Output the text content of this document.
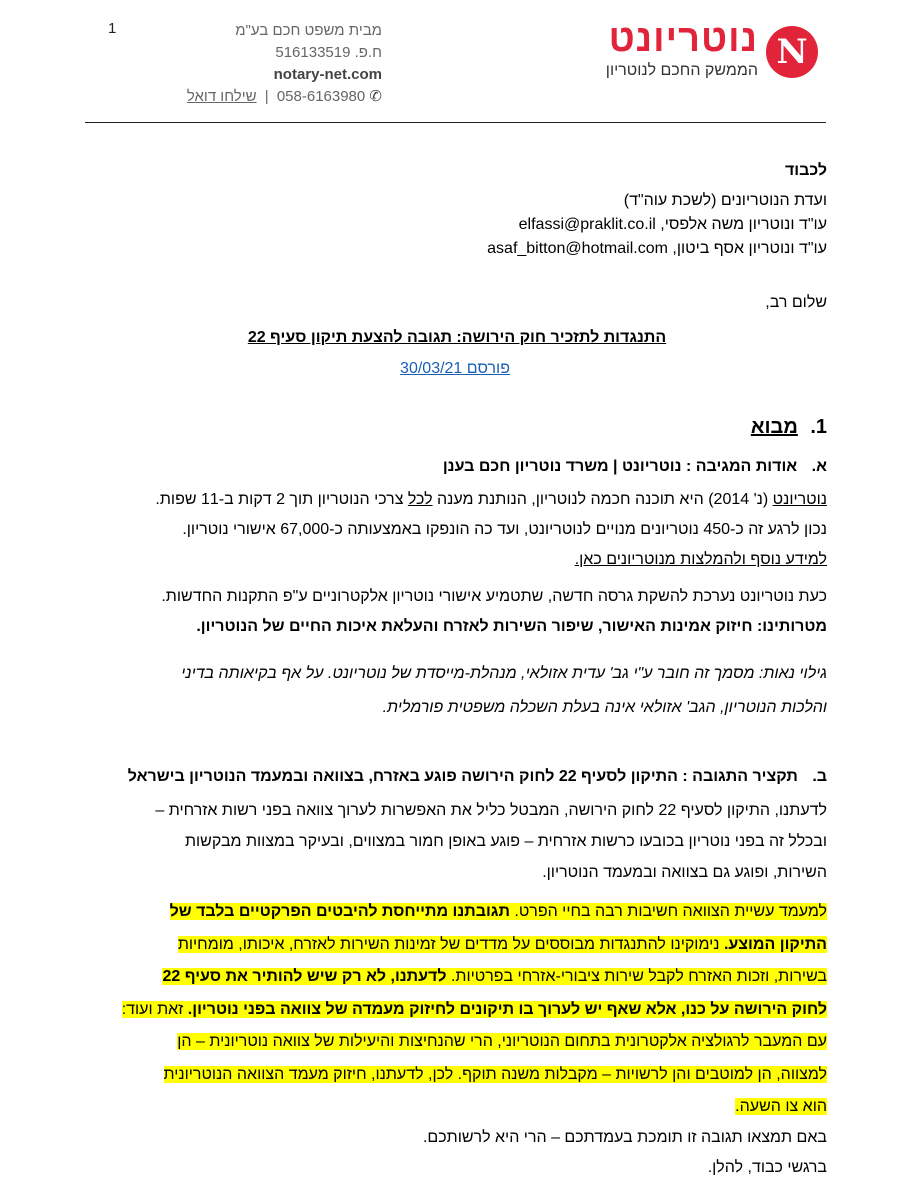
1	מבית משפט חכם בע"מ
ח.פ. 516133519
notary-net.com
✆ 058-6163980 | שילחו דואל
N
נוטריונט
הממשק החכם לנוטריון
לכבוד
ועדת הנוטריונים (לשכת עוה"ד)
עו"ד ונוטריון משה אלפסי, elfassi@praklit.co.il
עו"ד ונוטריון אסף ביטון, asaf_bitton@hotmail.com
שלום רב,
התנגדות לתזכיר חוק הירושה: תגובה להצעת תיקון סעיף 22
פורסם 30/03/21
1. מבוא
א. אודות המגיבה : נוטריונט | משרד נוטריון חכם בענן
נוטריונט (נ' 2014) היא תוכנה חכמה לנוטריון, הנותנת מענה לכל צרכי הנוטריון תוך 2 דקות ב-11 שפות.
נכון לרגע זה כ-450 נוטריונים מנויים לנוטריונט, ועד כה הונפקו באמצעותה כ-67,000 אישורי נוטריון.
למידע נוסף ולהמלצות מנוטריונים כאן.
כעת נוטריונט נערכת להשקת גרסה חדשה, שתטמיע אישורי נוטריון אלקטרוניים ע"פ התקנות החדשות.
מטרותינו: חיזוק אמינות האישור, שיפור השירות לאזרח והעלאת איכות החיים של הנוטריון.
גילוי נאות: מסמך זה חובר ע"י גב' עדית אזולאי, מנהלת-מייסדת של נוטריונט. על אף בקיאותה בדיני
והלכות הנוטריון, הגב' אזולאי אינה בעלת השכלה משפטית פורמלית.
ב. תקציר התגובה : התיקון לסעיף 22 לחוק הירושה פוגע באזרח, בצוואה ובמעמד הנוטריון בישראל
לדעתנו, התיקון לסעיף 22 לחוק הירושה, המבטל כליל את האפשרות לערוך צוואה בפני רשות אזרחית –
ובכלל זה בפני נוטריון בכובעו כרשות אזרחית – פוגע באופן חמור במצווים, ובעיקר במצוות מבקשות
השירות, ופוגע גם בצוואה ובמעמד הנוטריון.
למעמד עשיית הצוואה חשיבות רבה בחיי הפרט. תגובתנו מתייחסת להיבטים הפרקטיים בלבד של
התיקון המוצע. נימוקינו להתנגדות מבוססים על מדדים של זמינות השירות לאזרח, איכותו, מומחיות
בשירות, וזכות האזרח לקבל שירות ציבורי-אזרחי בפרטיות. לדעתנו, לא רק שיש להותיר את סעיף 22
לחוק הירושה על כנו, אלא שאף יש לערוך בו תיקונים לחיזוק מעמדה של צוואה בפני נוטריון. זאת ועוד:
עם המעבר לרגולציה אלקטרונית בתחום הנוטריוני, הרי שהנחיצות והיעילות של צוואה נוטריונית – הן
למצווה, הן למוטבים והן לרשויות – מקבלות משנה תוקף. לכן, לדעתנו, חיזוק מעמד הצוואה הנוטריונית
הוא צו השעה.
באם תמצאו תגובה זו תומכת בעמדתכם – הרי היא לרשותכם.
ברגשי כבוד, להלן.
